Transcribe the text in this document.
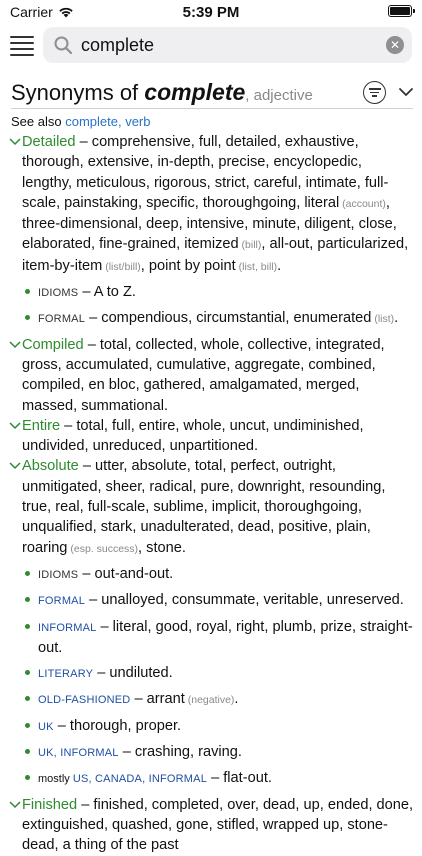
Carrier	5:39 PM
complete
✕
Synonyms of complete, adjective
See also complete, verb
Detailed – comprehensive, full, detailed, exhaustive, thorough, extensive, in-depth, precise, encyclopedic, lengthy, meticulous, rigorous, strict, careful, intimate, full-scale, painstaking, specific, thoroughgoing, literal (account), three-dimensional, deep, intensive, minute, diligent, close, elaborated, fine-grained, itemized (bill), all-out, particularized, item-by-item (list/bill), point by point (list, bill).
IDIOMS – A to Z.
FORMAL – compendious, circumstantial, enumerated (list).
Compiled – total, collected, whole, collective, integrated, gross, accumulated, cumulative, aggregate, combined, compiled, en bloc, gathered, amalgamated, merged, massed, summational.
Entire – total, full, entire, whole, uncut, undiminished, undivided, unreduced, unpartitioned.
Absolute – utter, absolute, total, perfect, outright, unmitigated, sheer, radical, pure, downright, resounding, true, real, full-scale, sublime, implicit, thoroughgoing, unqualified, stark, unadulterated, dead, positive, plain, roaring (esp. success), stone.
IDIOMS – out-and-out.
FORMAL – unalloyed, consummate, veritable, unreserved.
INFORMAL – literal, good, royal, right, plumb, prize, straight-out.
LITERARY – undiluted.
OLD-FASHIONED – arrant (negative).
UK – thorough, proper.
UK, INFORMAL – crashing, raving.
mostly US, CANADA, INFORMAL – flat-out.
Finished – finished, completed, over, dead, up, ended, done, extinguished, quashed, gone, stifled, wrapped up, stone-dead, a thing of the past
